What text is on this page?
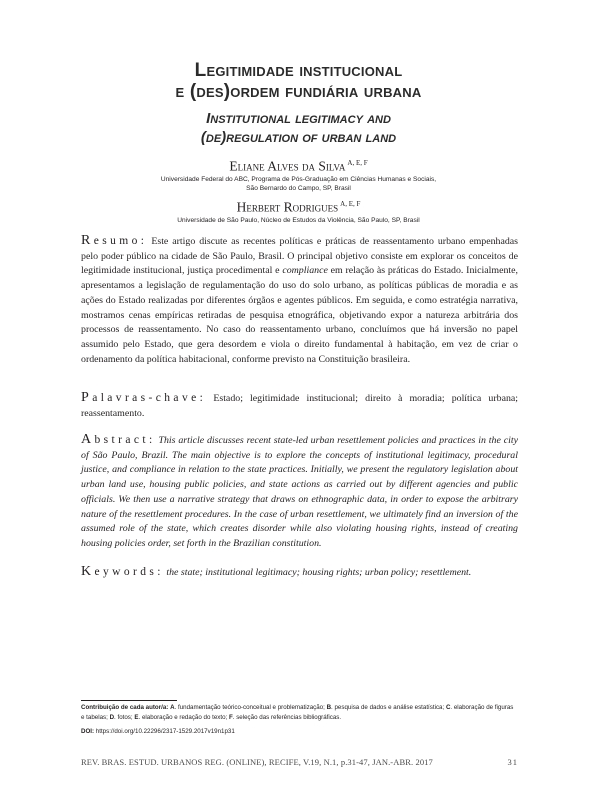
Legitimidade institucional
e (des)ordem fundiária urbana
Institutional legitimacy and
(de)regulation of urban land
Eliane Alves da Silva $^{A, E, F}$
Universidade Federal do ABC, Programa de Pós-Graduação em Ciências Humanas e Sociais,
São Bernardo do Campo, SP, Brasil
Herbert Rodrigues $^{A, E, F}$
Universidade de São Paulo, Núcleo de Estudos da Violência, São Paulo, SP, Brasil
Resumo: Este artigo discute as recentes políticas e práticas de reassentamento urbano empenhadas pelo poder público na cidade de São Paulo, Brasil. O principal objetivo consiste em explorar os conceitos de legitimidade institucional, justiça procedimental e compliance em relação às práticas do Estado. Inicialmente, apresentamos a legislação de regulamentação do uso do solo urbano, as políticas públicas de moradia e as ações do Estado realizadas por diferentes órgãos e agentes públicos. Em seguida, e como estratégia narrativa, mostramos cenas empíricas retiradas de pesquisa etnográfica, objetivando expor a natureza arbitrária dos processos de reassentamento. No caso do reassentamento urbano, concluímos que há inversão no papel assumido pelo Estado, que gera desordem e viola o direito fundamental à habitação, em vez de criar o ordenamento da política habitacional, conforme previsto na Constituição brasileira.
Palavras-chave: Estado; legitimidade institucional; direito à moradia; política urbana; reassentamento.
Abstract: This article discusses recent state-led urban resettlement policies and practices in the city of São Paulo, Brazil. The main objective is to explore the concepts of institutional legitimacy, procedural justice, and compliance in relation to the state practices. Initially, we present the regulatory legislation about urban land use, housing public policies, and state actions as carried out by different agencies and public officials. We then use a narrative strategy that draws on ethnographic data, in order to expose the arbitrary nature of the resettlement procedures. In the case of urban resettlement, we ultimately find an inversion of the assumed role of the state, which creates disorder while also violating housing rights, instead of creating housing policies order, set forth in the Brazilian constitution.
Keywords: the state; institutional legitimacy; housing rights; urban policy; resettlement.
Contribuição de cada autor/a: A. fundamentação teórico-conceitual e problematização; B. pesquisa de dados e análise estatística; C. elaboração de figuras e tabelas; D. fotos; E. elaboração e redação do texto; F. seleção das referências bibliográficas.
DOI: https://doi.org/10.22296/2317-1529.2017v19n1p31
REV. BRAS. ESTUD. URBANOS REG. (ONLINE), RECIFE, V.19, N.1, p.31-47, JAN.-ABR. 2017	31
